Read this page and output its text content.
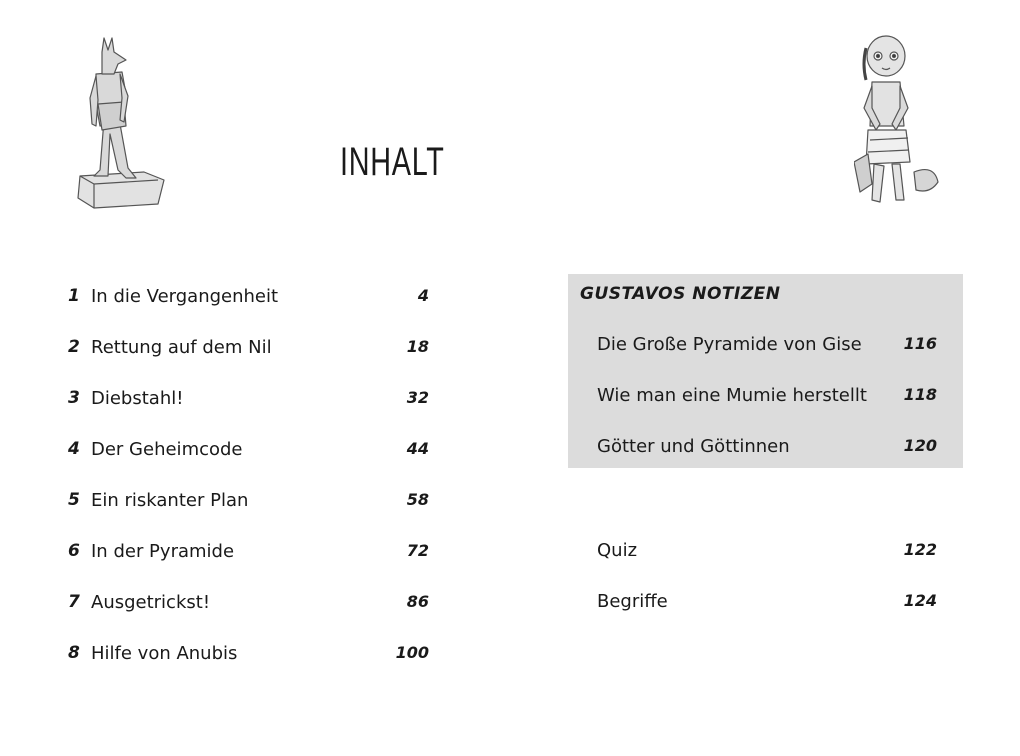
INHALT
1 In die Vergangenheit	4
2 Rettung auf dem Nil	18
3 Diebstahl!	32
4 Der Geheimcode	44
5 Ein riskanter Plan	58
6 In der Pyramide	72
7 Ausgetrickst!	86
8 Hilfe von Anubis	100
GUSTAVOS NOTIZEN
Die Große Pyramide von Gise	116
Wie man eine Mumie herstellt 118
Götter und Göttinnen	120
Quiz	122
Begriffe	124
